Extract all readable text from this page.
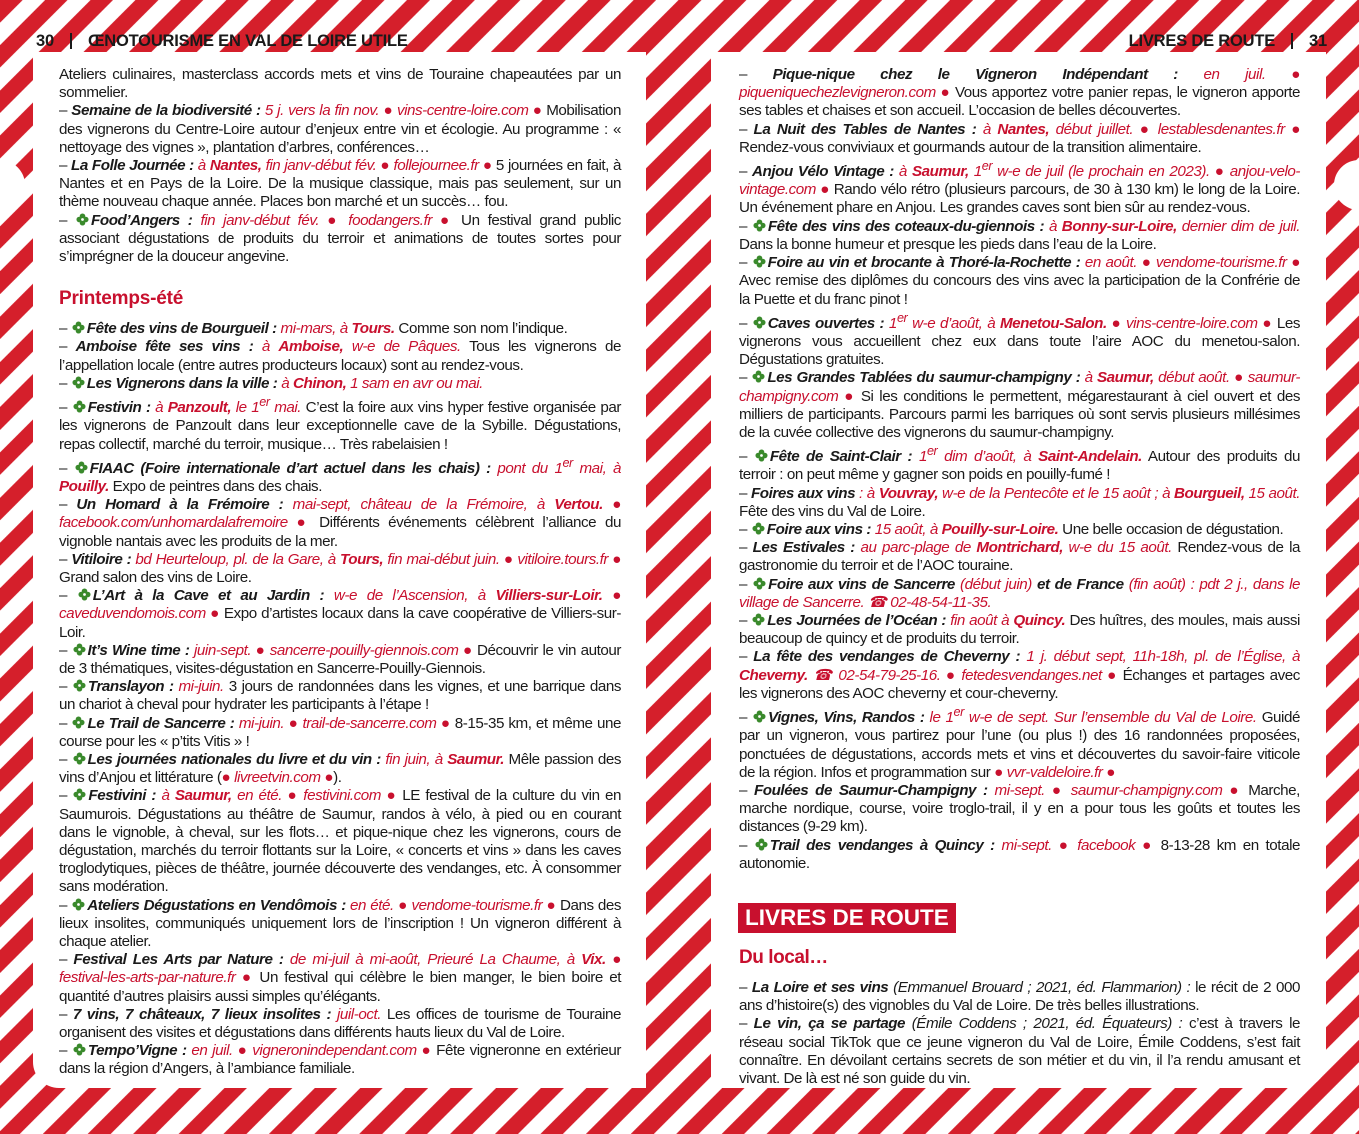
30 ŒNOTOURISME EN VAL DE LOIRE UTILE	LIVRES DE ROUTE 31

Ateliers culinaires, masterclass accords mets et vins de Touraine chapeautées par un sommelier.

– Semaine de la biodiversité : 5 j. vers la fin nov. ● vins-centre-loire.com ● Mobilisation des vignerons du Centre-Loire autour d’enjeux entre vin et écologie. Au programme : « nettoyage des vignes », plantation d’arbres, conférences…

– La Folle Journée : à Nantes, fin janv-début fév. ● follejournee.fr ● 5 journées en fait, à Nantes et en Pays de la Loire. De la musique classique, mais pas seulement, sur un thème nouveau chaque année. Places bon marché et un succès… fou.

– Food’Angers : fin janv-début fév. ● foodangers.fr ● Un festival grand public associant dégustations de produits du terroir et animations de toutes sortes pour s’imprégner de la douceur angevine.

Printemps-été

– Fête des vins de Bourgueil : mi-mars, à Tours. Comme son nom l’indique.

– Amboise fête ses vins : à Amboise, w-e de Pâques. Tous les vignerons de l’appellation locale (entre autres producteurs locaux) sont au rendez-vous.

– Les Vignerons dans la ville : à Chinon, 1 sam en avr ou mai.

– Festivin : à Panzoult, le 1er mai. C’est la foire aux vins hyper festive organisée par les vignerons de Panzoult dans leur exceptionnelle cave de la Sybille. Dégustations, repas collectif, marché du terroir, musique… Très rabelaisien !

– FIAAC (Foire internationale d’art actuel dans les chais) : pont du 1er mai, à Pouilly. Expo de peintres dans des chais.

– Un Homard à la Frémoire : mai-sept, château de la Frémoire, à Vertou. ● facebook.com/unhomardalafremoire ● Différents événements célèbrent l’alliance du vignoble nantais avec les produits de la mer.

– Vitiloire : bd Heurteloup, pl. de la Gare, à Tours, fin mai-début juin. ● vitiloire.tours.fr ● Grand salon des vins de Loire.

– L’Art à la Cave et au Jardin : w-e de l’Ascension, à Villiers-sur-Loir. ● caveduvendomois.com ● Expo d’artistes locaux dans la cave coopérative de Villiers-sur-Loir.

– It’s Wine time : juin-sept. ● sancerre-pouilly-giennois.com ● Découvrir le vin autour de 3 thématiques, visites-dégustation en Sancerre-Pouilly-Giennois.

– Translayon : mi-juin. 3 jours de randonnées dans les vignes, et une barrique dans un chariot à cheval pour hydrater les participants à l’étape !

– Le Trail de Sancerre : mi-juin. ● trail-de-sancerre.com ● 8-15-35 km, et même une course pour les « p’tits Vitis » !

– Les journées nationales du livre et du vin : fin juin, à Saumur. Mêle passion des vins d’Anjou et littérature (● livreetvin.com ●).

– Festivini : à Saumur, en été. ● festivini.com ● LE festival de la culture du vin en Saumurois. Dégustations au théâtre de Saumur, randos à vélo, à pied ou en courant dans le vignoble, à cheval, sur les flots… et pique-nique chez les vignerons, cours de dégustation, marchés du terroir flottants sur la Loire, « concerts et vins » dans les caves troglodytiques, pièces de théâtre, journée découverte des vendanges, etc. À consommer sans modération.

– Ateliers Dégustations en Vendômois : en été. ● vendome-tourisme.fr ● Dans des lieux insolites, communiqués uniquement lors de l’inscription ! Un vigneron différent à chaque atelier.

– Festival Les Arts par Nature : de mi-juil à mi-août, Prieuré La Chaume, à Vix. ● festival-les-arts-par-nature.fr ● Un festival qui célèbre le bien manger, le bien boire et quantité d’autres plaisirs aussi simples qu’élégants.

– 7 vins, 7 châteaux, 7 lieux insolites : juil-oct. Les offices de tourisme de Touraine organisent des visites et dégustations dans différents hauts lieux du Val de Loire.

– Tempo’Vigne : en juil. ● vigneronindependant.com ● Fête vigneronne en extérieur dans la région d’Angers, à l’ambiance familiale.

– Pique-nique chez le Vigneron Indépendant : en juil. ● piqueniquechezlevigneron.com ● Vous apportez votre panier repas, le vigneron apporte ses tables et chaises et son accueil. L’occasion de belles découvertes.

– La Nuit des Tables de Nantes : à Nantes, début juillet. ● lestablesdenantes.fr ● Rendez-vous conviviaux et gourmands autour de la transition alimentaire.

– Anjou Vélo Vintage : à Saumur, 1er w-e de juil (le prochain en 2023). ● anjou-velo-vintage.com ● Rando vélo rétro (plusieurs parcours, de 30 à 130 km) le long de la Loire. Un événement phare en Anjou. Les grandes caves sont bien sûr au rendez-vous.

– Fête des vins des coteaux-du-giennois : à Bonny-sur-Loire, dernier dim de juil. Dans la bonne humeur et presque les pieds dans l’eau de la Loire.

– Foire au vin et brocante à Thoré-la-Rochette : en août. ● vendome-tourisme.fr ● Avec remise des diplômes du concours des vins avec la participation de la Confrérie de la Puette et du franc pinot !

– Caves ouvertes : 1er w-e d’août, à Menetou-Salon. ● vins-centre-loire.com ● Les vignerons vous accueillent chez eux dans toute l’aire AOC du menetou-salon. Dégustations gratuites.

– Les Grandes Tablées du saumur-champigny : à Saumur, début août. ● saumur-champigny.com ● Si les conditions le permettent, mégarestaurant à ciel ouvert et des milliers de participants. Parcours parmi les barriques où sont servis plusieurs millésimes de la cuvée collective des vignerons du saumur-champigny.

– Fête de Saint-Clair : 1er dim d’août, à Saint-Andelain. Autour des produits du terroir : on peut même y gagner son poids en pouilly-fumé !

– Foires aux vins : à Vouvray, w-e de la Pentecôte et le 15 août ; à Bourgueil, 15 août. Fête des vins du Val de Loire.

– Foire aux vins : 15 août, à Pouilly-sur-Loire. Une belle occasion de dégustation.

– Les Estivales : au parc-plage de Montrichard, w-e du 15 août. Rendez-vous de la gastronomie du terroir et de l’AOC touraine.

– Foire aux vins de Sancerre (début juin) et de France (fin août) : pdt 2 j., dans le village de Sancerre. ☎ 02-48-54-11-35.

– Les Journées de l’Océan : fin août à Quincy. Des huîtres, des moules, mais aussi beaucoup de quincy et de produits du terroir.

– La fête des vendanges de Cheverny : 1 j. début sept, 11h-18h, pl. de l’Église, à Cheverny. ☎ 02-54-79-25-16. ● fetedesvendanges.net ● Échanges et partages avec les vignerons des AOC cheverny et cour-cheverny.

– Vignes, Vins, Randos : le 1er w-e de sept. Sur l’ensemble du Val de Loire. Guidé par un vigneron, vous partirez pour l’une (ou plus !) des 16 randonnées proposées, ponctuées de dégustations, accords mets et vins et découvertes du savoir-faire viticole de la région. Infos et programmation sur ● vvr-valdeloire.fr ●

– Foulées de Saumur-Champigny : mi-sept. ● saumur-champigny.com ● Marche, marche nordique, course, voire troglo-trail, il y en a pour tous les goûts et toutes les distances (9-29 km).

– Trail des vendanges à Quincy : mi-sept. ● facebook ● 8-13-28 km en totale autonomie.

LIVRES DE ROUTE
Du local…

– La Loire et ses vins (Emmanuel Brouard ; 2021, éd. Flammarion) : le récit de 2 000 ans d’histoire(s) des vignobles du Val de Loire. De très belles illustrations.

– Le vin, ça se partage (Émile Coddens ; 2021, éd. Équateurs) : c’est à travers le réseau social TikTok que ce jeune vigneron du Val de Loire, Émile Coddens, s’est fait connaître. En dévoilant certains secrets de son métier et du vin, il l’a rendu amusant et vivant. De là est né son guide du vin.
